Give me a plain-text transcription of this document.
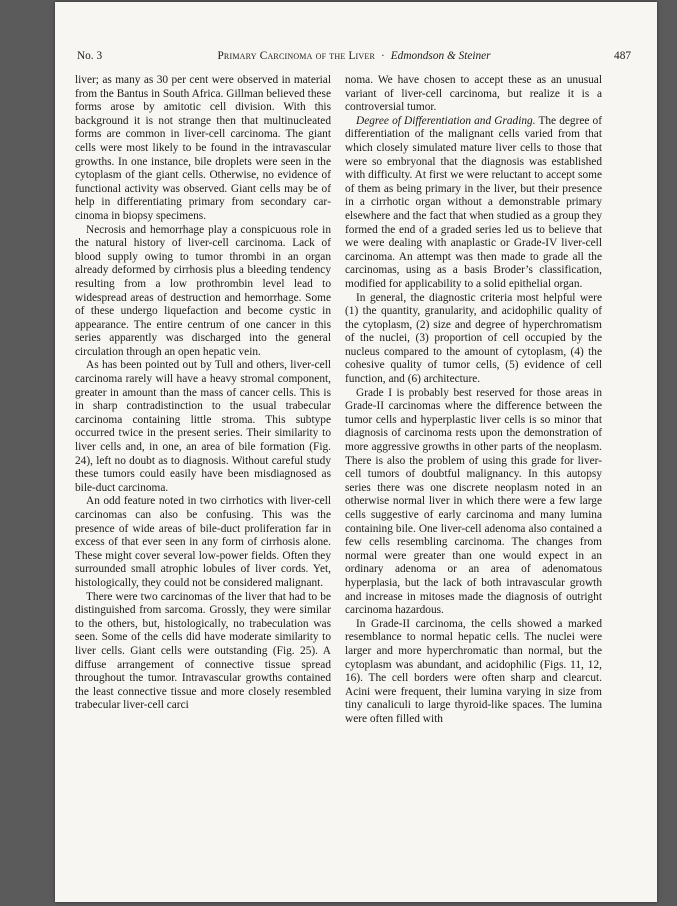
No. 3	Primary Carcinoma of the Liver · Edmondson & Steiner	487

liver; as many as 30 per cent were observed in material from the Bantus in South Africa. Gillman believed these forms arose by amitotic cell division. With this background it is not strange then that multinucleated forms are common in liver-cell carcinoma. The giant cells were most likely to be found in the intravascular growths. In one instance, bile droplets were seen in the cytoplasm of the giant cells. Otherwise, no evidence of functional activity was observed. Giant cells may be of help in differentiating primary from secondary carcinoma in biopsy specimens.

Necrosis and hemorrhage play a conspicuous role in the natural history of liver-cell carcinoma. Lack of blood supply owing to tumor thrombi in an organ already deformed by cirrhosis plus a bleeding tendency resulting from a low prothrombin level lead to widespread areas of destruction and hemorrhage. Some of these undergo liquefaction and become cystic in appearance. The entire centrum of one cancer in this series apparently was discharged into the general circulation through an open hepatic vein.

As has been pointed out by Tull and others, liver-cell carcinoma rarely will have a heavy stromal component, greater in amount than the mass of cancer cells. This is in sharp contradistinction to the usual trabecular carcinoma containing little stroma. This subtype occurred twice in the present series. Their similarity to liver cells and, in one, an area of bile formation (Fig. 24), left no doubt as to diagnosis. Without careful study these tumors could easily have been misdiagnosed as bile-duct carcinoma.

An odd feature noted in two cirrhotics with liver-cell carcinomas can also be confusing. This was the presence of wide areas of bile-duct proliferation far in excess of that ever seen in any form of cirrhosis alone. These might cover several low-power fields. Often they surrounded small atrophic lobules of liver cords. Yet, histologically, they could not be considered malignant.

There were two carcinomas of the liver that had to be distinguished from sarcoma. Grossly, they were similar to the others, but, histologically, no trabeculation was seen. Some of the cells did have moderate similarity to liver cells. Giant cells were outstanding (Fig. 25). A diffuse arrangement of connective tissue spread throughout the tumor. Intravascular growths contained the least connective tissue and more closely resembled trabecular liver-cell carci

noma. We have chosen to accept these as an unusual variant of liver-cell carcinoma, but realize it is a controversial tumor.

Degree of Differentiation and Grading. The degree of differentiation of the malignant cells varied from that which closely simulated mature liver cells to those that were so embryonal that the diagnosis was established with difficulty. At first we were reluctant to accept some of them as being primary in the liver, but their presence in a cirrhotic organ without a demonstrable primary elsewhere and the fact that when studied as a group they formed the end of a graded series led us to believe that we were dealing with anaplastic or Grade-IV liver-cell carcinoma. An attempt was then made to grade all the carcinomas, using as a basis Broder’s classification, modified for applicability to a solid epithelial organ.

In general, the diagnostic criteria most helpful were (1) the quantity, granularity, and acidophilic quality of the cytoplasm, (2) size and degree of hyperchromatism of the nuclei, (3) proportion of cell occupied by the nucleus compared to the amount of cytoplasm, (4) the cohesive quality of tumor cells, (5) evidence of cell function, and (6) architecture.

Grade I is probably best reserved for those areas in Grade-II carcinomas where the difference between the tumor cells and hyperplastic liver cells is so minor that diagnosis of carcinoma rests upon the demonstration of more aggressive growths in other parts of the neoplasm. There is also the problem of using this grade for liver-cell tumors of doubtful malignancy. In this autopsy series there was one discrete neoplasm noted in an otherwise normal liver in which there were a few large cells suggestive of early carcinoma and many lumina containing bile. One liver-cell adenoma also contained a few cells resembling carcinoma. The changes from normal were greater than one would expect in an ordinary adenoma or an area of adenomatous hyperplasia, but the lack of both intravascular growth and increase in mitoses made the diagnosis of outright carcinoma hazardous.

In Grade-II carcinoma, the cells showed a marked resemblance to normal hepatic cells. The nuclei were larger and more hyperchromatic than normal, but the cytoplasm was abundant, and acidophilic (Figs. 11, 12, 16). The cell borders were often sharp and clearcut. Acini were frequent, their lumina varying in size from tiny canaliculi to large thyroid-like spaces. The lumina were often filled with
